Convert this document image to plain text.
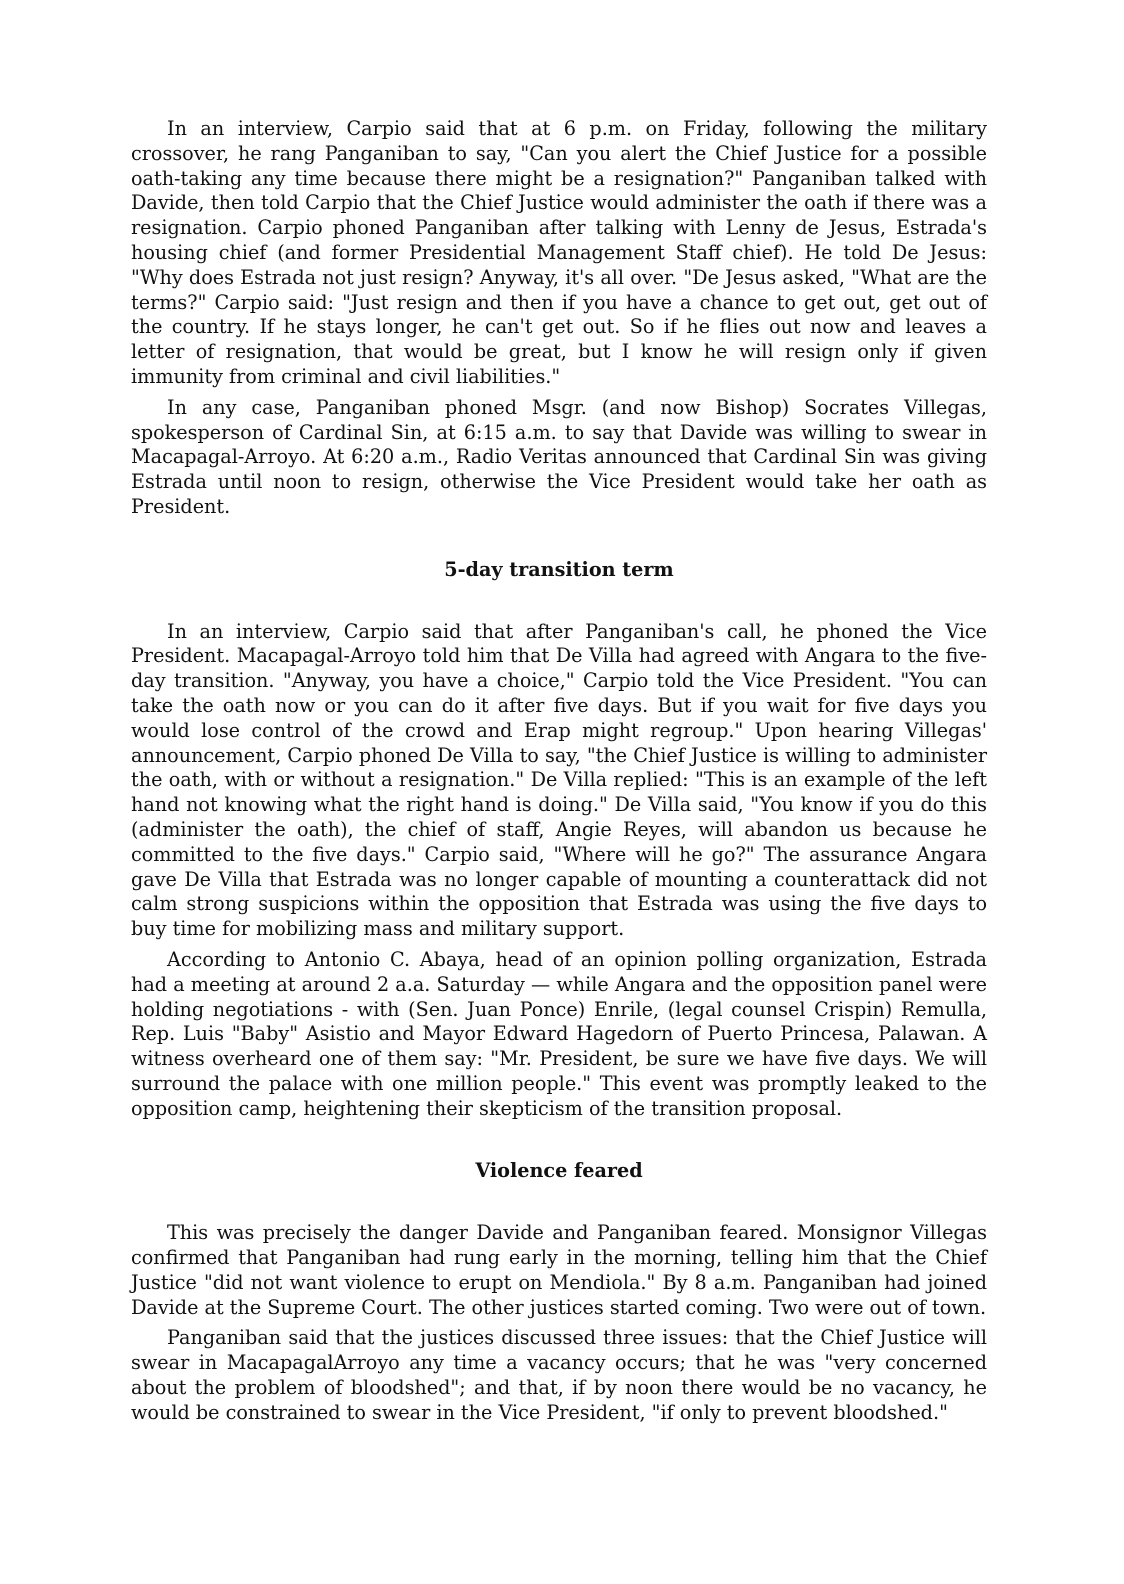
In an interview, Carpio said that at 6 p.m. on Friday, following the military crossover, he rang Panganiban to say, "Can you alert the Chief Justice for a possible oath-taking any time because there might be a resignation?" Panganiban talked with Davide, then told Carpio that the Chief Justice would administer the oath if there was a resignation. Carpio phoned Panganiban after talking with Lenny de Jesus, Estrada's housing chief (and former Presidential Management Staff chief). He told De Jesus: "Why does Estrada not just resign? Anyway, it's all over. "De Jesus asked, "What are the terms?" Carpio said: "Just resign and then if you have a chance to get out, get out of the country. If he stays longer, he can't get out. So if he flies out now and leaves a letter of resignation, that would be great, but I know he will resign only if given immunity from criminal and civil liabilities."

In any case, Panganiban phoned Msgr. (and now Bishop) Socrates Villegas, spokesperson of Cardinal Sin, at 6:15 a.m. to say that Davide was willing to swear in Macapagal-Arroyo. At 6:20 a.m., Radio Veritas announced that Cardinal Sin was giving Estrada until noon to resign, otherwise the Vice President would take her oath as President.

5-day transition term

In an interview, Carpio said that after Panganiban's call, he phoned the Vice President. Macapagal-Arroyo told him that De Villa had agreed with Angara to the five-day transition. "Anyway, you have a choice," Carpio told the Vice President. "You can take the oath now or you can do it after five days. But if you wait for five days you would lose control of the crowd and Erap might regroup." Upon hearing Villegas' announcement, Carpio phoned De Villa to say, "the Chief Justice is willing to administer the oath, with or without a resignation." De Villa replied: "This is an example of the left hand not knowing what the right hand is doing." De Villa said, "You know if you do this (administer the oath), the chief of staff, Angie Reyes, will abandon us because he committed to the five days." Carpio said, "Where will he go?" The assurance Angara gave De Villa that Estrada was no longer capable of mounting a counterattack did not calm strong suspicions within the opposition that Estrada was using the five days to buy time for mobilizing mass and military support.

According to Antonio C. Abaya, head of an opinion polling organization, Estrada had a meeting at around 2 a.a. Saturday — while Angara and the opposition panel were holding negotiations - with (Sen. Juan Ponce) Enrile, (legal counsel Crispin) Remulla, Rep. Luis "Baby" Asistio and Mayor Edward Hagedorn of Puerto Princesa, Palawan. A witness overheard one of them say: "Mr. President, be sure we have five days. We will surround the palace with one million people." This event was promptly leaked to the opposition camp, heightening their skepticism of the transition proposal.

Violence feared

This was precisely the danger Davide and Panganiban feared. Monsignor Villegas confirmed that Panganiban had rung early in the morning, telling him that the Chief Justice "did not want violence to erupt on Mendiola." By 8 a.m. Panganiban had joined Davide at the Supreme Court. The other justices started coming. Two were out of town.

Panganiban said that the justices discussed three issues: that the Chief Justice will swear in MacapagalArroyo any time a vacancy occurs; that he was "very concerned about the problem of bloodshed"; and that, if by noon there would be no vacancy, he would be constrained to swear in the Vice President, "if only to prevent bloodshed."
